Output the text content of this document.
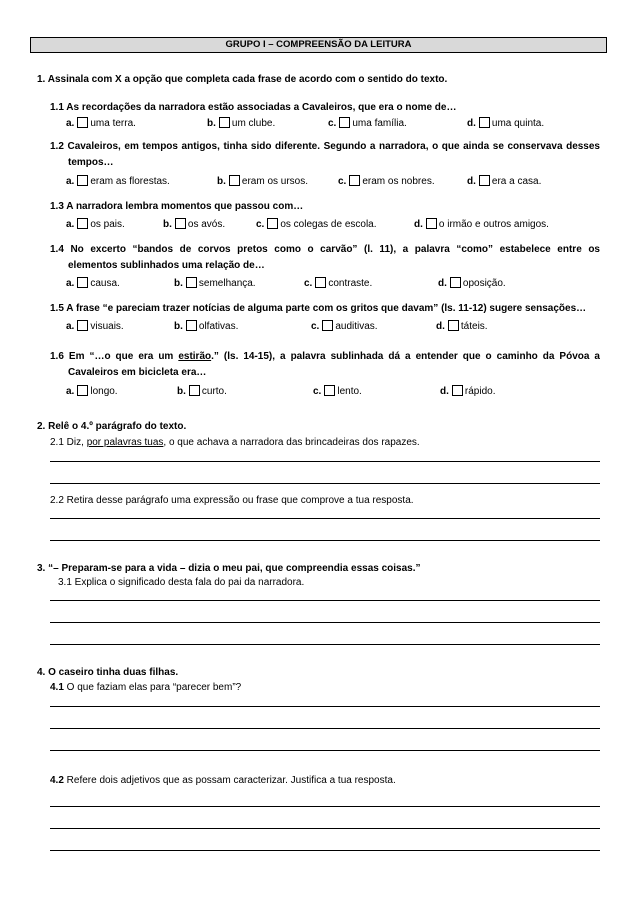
GRUPO I – COMPREENSÃO DA LEITURA
1. Assinala com X a opção que completa cada frase de acordo com o sentido do texto.
1.1 As recordações da narradora estão associadas a Cavaleiros, que era o nome de…
a. uma terra.	b. um clube.	c. uma família.	d. uma quinta.
1.2 Cavaleiros, em tempos antigos, tinha sido diferente. Segundo a narradora, o que ainda se conservava desses
tempos…
a. eram as florestas.	b. eram os ursos.	c. eram os nobres.	d. era a casa.
1.3 A narradora lembra momentos que passou com…
a. os pais.	b. os avós.	c. os colegas de escola.	d. o irmão e outros amigos.
1.4 No excerto “bandos de corvos pretos como o carvão” (l. 11), a palavra “como” estabelece entre os
elementos sublinhados uma relação de…
a. causa.	b. semelhança.	c. contraste.	d. oposição.
1.5 A frase “e pareciam trazer notícias de alguma parte com os gritos que davam” (ls. 11-12) sugere sensações…
a. visuais.	b. olfativas.	c. auditivas.	d. táteis.
1.6 Em “…o que era um estirão.” (ls. 14-15), a palavra sublinhada dá a entender que o caminho da Póvoa a
Cavaleiros em bicicleta era…
a. longo.	b. curto.	c. lento.	d. rápido.
2. Relê o 4.º parágrafo do texto.
2.1 Diz, por palavras tuas, o que achava a narradora das brincadeiras dos rapazes.
2.2 Retira desse parágrafo uma expressão ou frase que comprove a tua resposta.
3. “– Preparam-se para a vida – dizia o meu pai, que compreendia essas coisas.”
3.1 Explica o significado desta fala do pai da narradora.
4. O caseiro tinha duas filhas.
4.1 O que faziam elas para “parecer bem”?
4.2 Refere dois adjetivos que as possam caracterizar. Justifica a tua resposta.
